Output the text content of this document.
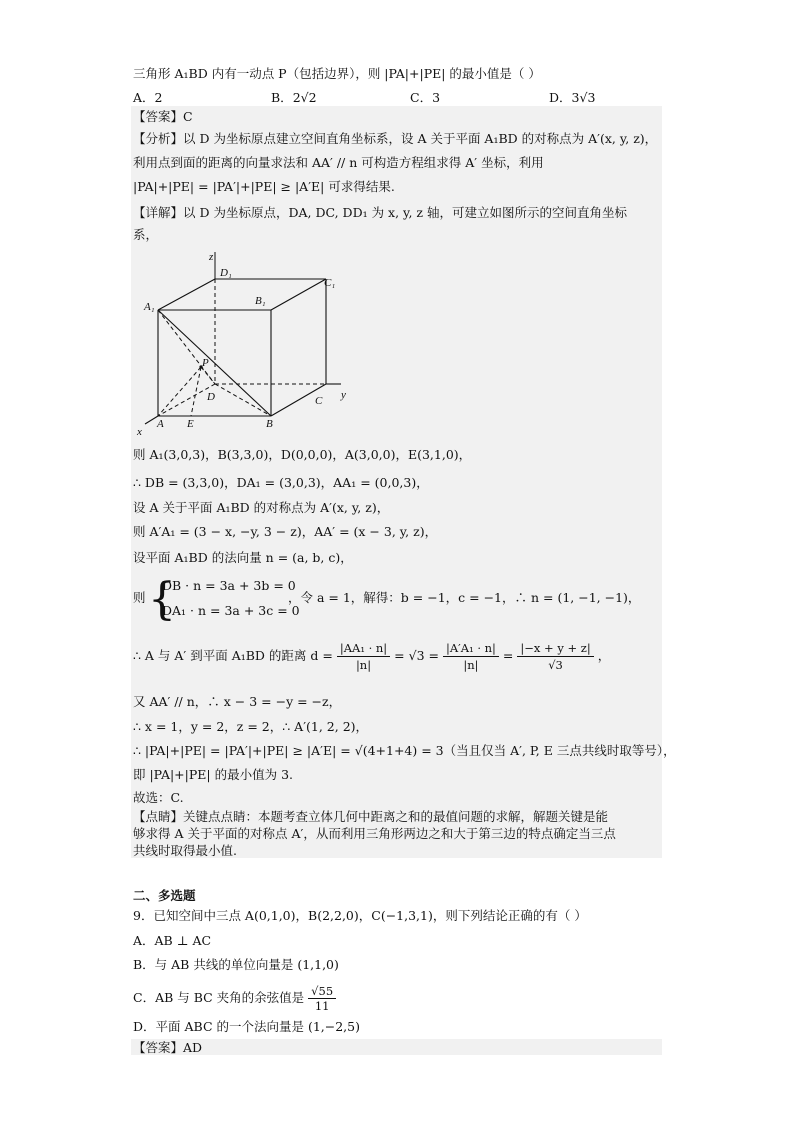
三角形 A₁BD 内有一动点 P（包括边界），则 |PA|+|PE| 的最小值是（ ）
A．2	B．2√2	C．3	D．3√3
【答案】C
【分析】以 D 为坐标原点建立空间直角坐标系，设 A 关于平面 A₁BD 的对称点为 A′(x, y, z)，
利用点到面的距离的向量求法和 AA′ // n 可构造方程组求得 A′ 坐标，利用
|PA|+|PE| = |PA′|+|PE| ≥ |A′E| 可求得结果.
【详解】以 D 为坐标原点，DA, DC, DD₁ 为 x, y, z 轴，可建立如图所示的空间直角坐标
系，
z
D₁
C₁
A₁	B₁
P
D	C y
x
A E	B
则 A₁(3,0,3)，B(3,3,0)，D(0,0,0)，A(3,0,0)，E(3,1,0)，
∴ DB = (3,3,0)，DA₁ = (3,0,3)，AA₁ = (0,0,3)，
设 A 关于平面 A₁BD 的对称点为 A′(x, y, z)，
则 A′A₁ = (3 − x, −y, 3 − z)，AA′ = (x − 3, y, z)，
设平面 A₁BD 的法向量 n = (a, b, c)，
则 {
DB · n = 3a + 3b = 0
DA₁ · n = 3a + 3c = 0
，令 a = 1，解得：b = −1，c = −1，∴ n = (1, −1, −1)，
∴ A 与 A′ 到平面 A₁BD 的距离 $d = \frac{\text{|AA₁ · n|}}{|n|} = √3 = \frac{\text{|A′A₁ · n|}}{|n|} = \frac{|-x + y + z|}{√3}$ ，
又 AA′ // n，∴ x − 3 = −y = −z，
∴ x = 1，y = 2，z = 2，∴ A′(1, 2, 2)，
∴ |PA|+|PE| = |PA′|+|PE| ≥ |A′E| = √(4+1+4) = 3（当且仅当 A′, P, E 三点共线时取等号），
即 |PA|+|PE| 的最小值为 3.
故选：C.
【点睛】关键点点睛：本题考查立体几何中距离之和的最值问题的求解，解题关键是能
够求得 A 关于平面的对称点 A′，从而利用三角形两边之和大于第三边的特点确定当三点
共线时取得最小值.
二、多选题
9．已知空间中三点 A(0,1,0)，B(2,2,0)，C(−1,3,1)，则下列结论正确的有（ ）
A．AB ⊥ AC
B．与 AB 共线的单位向量是 (1,1,0)
C．AB 与 BC 夹角的余弦值是 $\frac{√55}{11}$
D．平面 ABC 的一个法向量是 (1,−2,5)
【答案】AD
